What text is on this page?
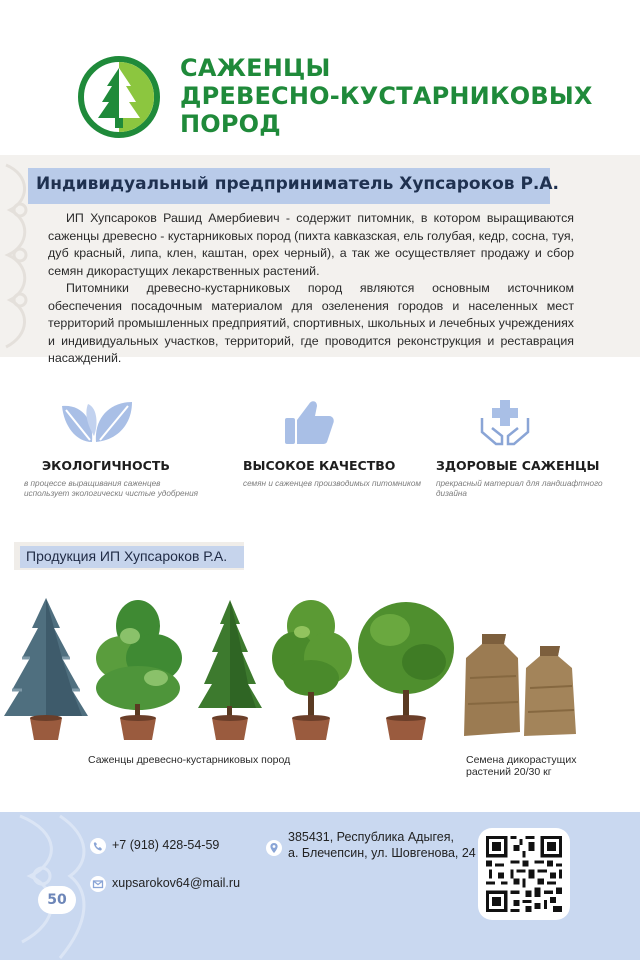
САЖЕНЦЫ
ДРЕВЕСНО-КУСТАРНИКОВЫХ
ПОРОД
Индивидуальный предприниматель Хупсароков Р.А.

ИП Хупсароков Рашид Амербиевич - содержит питомник, в котором выращиваются саженцы древесно - кустарниковых пород (пихта кавказская, ель голубая, кедр, сосна, туя, дуб красный, липа, клен, каштан, орех черный), а так же осуществляет продажу и сбор семян дикорастущих лекарственных растений.

Питомники древесно-кустарниковых пород являются основным источником обеспечения посадочным материалом для озеленения городов и населенных мест территорий промышленных предприятий, спортивных, школьных и лечебных учреждениях и индивидуальных участков, территорий, где проводится реконструкция и реставрация насаждений.

ЭКОЛОГИЧНОСТЬ
в процессе выращивания саженцев использует экологически чистые удобрения
ВЫСОКОЕ КАЧЕСТВО
семян и саженцев производимых питомником
ЗДОРОВЫЕ САЖЕНЦЫ
прекрасный материал для ландшафтного дизайна
Продукция ИП Хупсароков Р.А.
Саженцы древесно-кустарниковых пород	Семена дикорастущих растений 20/30 кг
+7 (918) 428-54-59
xupsarokov64@mail.ru
385431, Республика Адыгея,
а. Блечепсин, ул. Шовгенова, 24
50
